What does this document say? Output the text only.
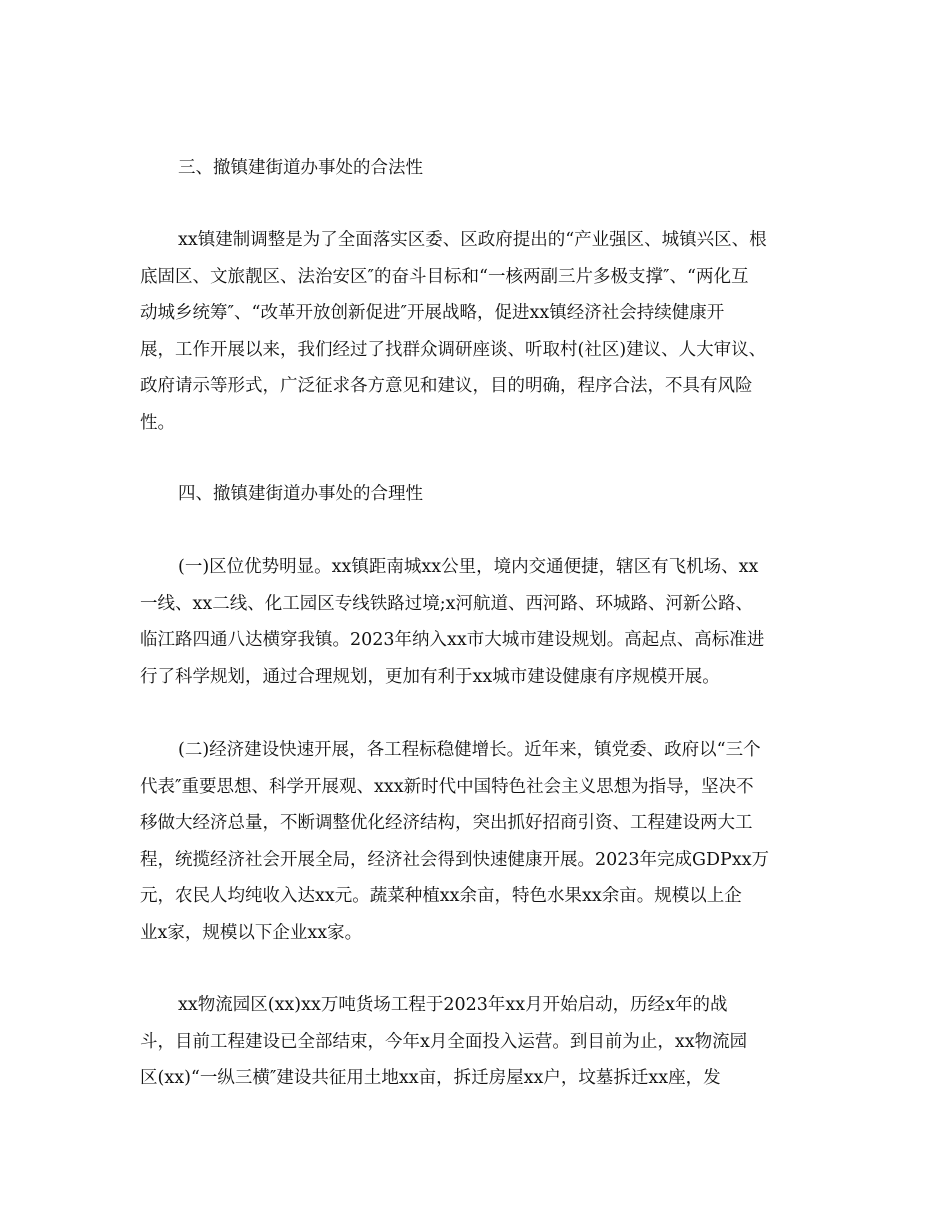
三、撤镇建街道办事处的合法性
xx镇建制调整是为了全面落实区委、区政府提出的“产业强区、城镇兴区、根
底固区、文旅靓区、法治安区″的奋斗目标和“一核两副三片多极支撑″、“两化互
动城乡统筹″、“改革开放创新促进″开展战略，促进xx镇经济社会持续健康开
展，工作开展以来，我们经过了找群众调研座谈、听取村(社区)建议、人大审议、
政府请示等形式，广泛征求各方意见和建议，目的明确，程序合法，不具有风险
性。
四、撤镇建街道办事处的合理性
(一)区位优势明显。xx镇距南城xx公里，境内交通便捷，辖区有飞机场、xx
一线、xx二线、化工园区专线铁路过境;x河航道、西河路、环城路、河新公路、
临江路四通八达横穿我镇。2023年纳入xx市大城市建设规划。高起点、高标准进
行了科学规划，通过合理规划，更加有利于xx城市建设健康有序规模开展。
(二)经济建设快速开展，各工程标稳健增长。近年来，镇党委、政府以“三个
代表″重要思想、科学开展观、xxx新时代中国特色社会主义思想为指导，坚决不
移做大经济总量，不断调整优化经济结构，突出抓好招商引资、工程建设两大工
程，统揽经济社会开展全局，经济社会得到快速健康开展。2023年完成GDPxx万
元，农民人均纯收入达xx元。蔬菜种植xx余亩，特色水果xx余亩。规模以上企
业x家，规模以下企业xx家。
xx物流园区(xx)xx万吨货场工程于2023年xx月开始启动，历经x年的战
斗，目前工程建设已全部结束，今年x月全面投入运营。到目前为止，xx物流园
区(xx)“一纵三横″建设共征用土地xx亩，拆迁房屋xx户，坟墓拆迁xx座，发
